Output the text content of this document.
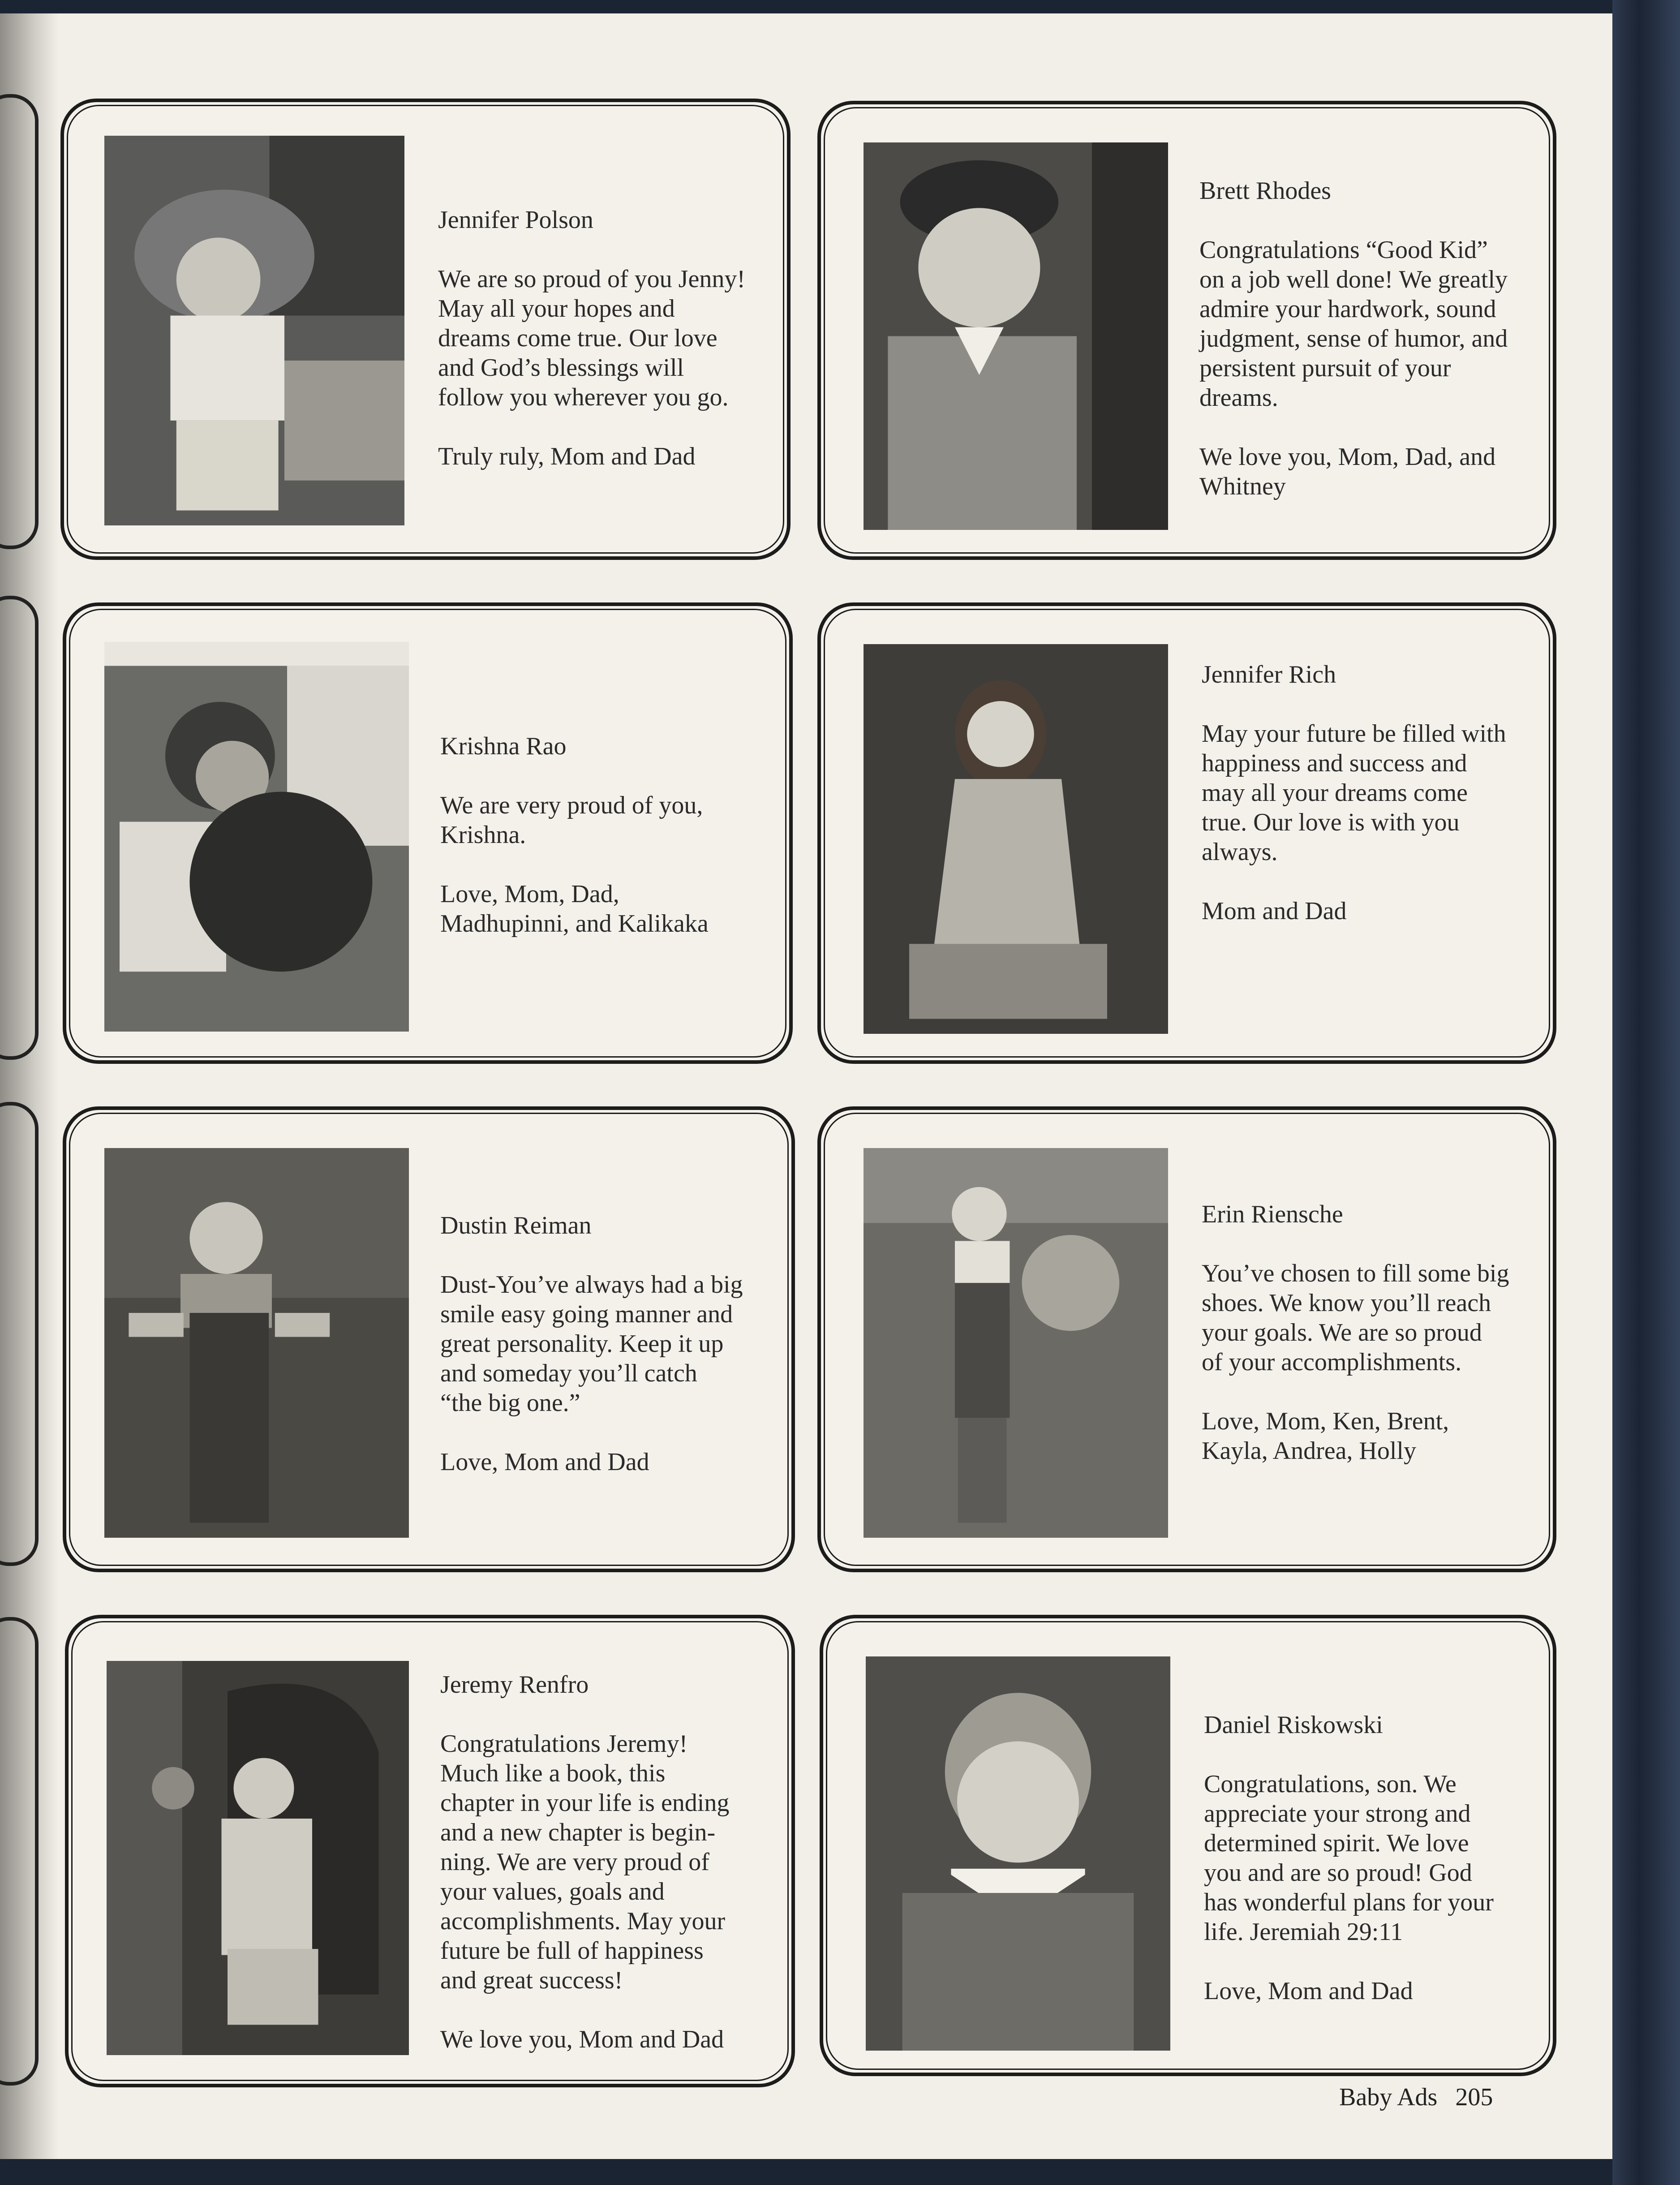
Jennifer Polson

We are so proud of you Jenny!
May all your hopes and
dreams come true. Our love
and God’s blessings will
follow you wherever you go.

Truly ruly, Mom and Dad

Brett Rhodes

Congratulations “Good Kid”
on a job well done! We greatly
admire your hardwork, sound
judgment, sense of humor, and
persistent pursuit of your
dreams.

We love you, Mom, Dad, and
Whitney

Krishna Rao

We are very proud of you,
Krishna.

Love, Mom, Dad,
Madhupinni, and Kalikaka

Jennifer Rich

May your future be filled with
happiness and success and
may all your dreams come
true. Our love is with you
always.

Mom and Dad

Dustin Reiman

Dust-You’ve always had a big
smile easy going manner and
great personality. Keep it up
and someday you’ll catch
“the big one.”

Love, Mom and Dad

Erin Riensche

You’ve chosen to fill some big
shoes. We know you’ll reach
your goals. We are so proud
of your accomplishments.

Love, Mom, Ken, Brent,
Kayla, Andrea, Holly

Jeremy Renfro

Congratulations Jeremy!
Much like a book, this
chapter in your life is ending
and a new chapter is begin-
ning. We are very proud of
your values, goals and
accomplishments. May your
future be full of happiness
and great success!

We love you, Mom and Dad

Daniel Riskowski

Congratulations, son. We
appreciate your strong and
determined spirit. We love
you and are so proud! God
has wonderful plans for your
life. Jeremiah 29:11

Love, Mom and Dad

Baby Ads 205
